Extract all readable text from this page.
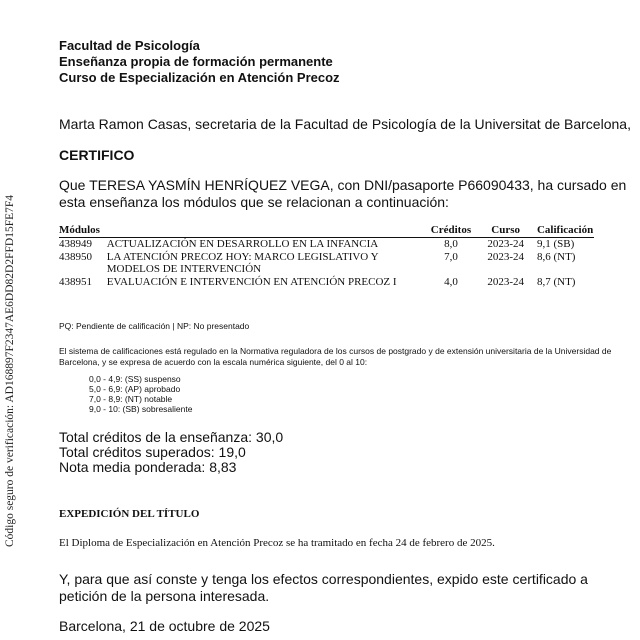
Código seguro de verificación: AD168897F2347AE6DD82D2FFD15FE7F4
Facultad de Psicología
Enseñanza propia de formación permanente
Curso de Especialización en Atención Precoz
Marta Ramon Casas, secretaria de la Facultad de Psicología de la Universitat de Barcelona,
CERTIFICO
Que TERESA YASMÍN HENRÍQUEZ VEGA, con DNI/pasaporte P66090433, ha cursado en esta enseñanza los módulos que se relacionan a continuación:
Módulos		Créditos	Curso	Calificación
438949	ACTUALIZACIÓN EN DESARROLLO EN LA INFANCIA	8,0	2023-24	9,1 (SB)
438950	LA ATENCIÓN PRECOZ HOY: MARCO LEGISLATIVO Y MODELOS DE INTERVENCIÓN	7,0	2023-24	8,6 (NT)
438951	EVALUACIÓN E INTERVENCIÓN EN ATENCIÓN PRECOZ I	4,0	2023-24	8,7 (NT)
PQ: Pendiente de calificación | NP: No presentado
El sistema de calificaciones está regulado en la Normativa reguladora de los cursos de postgrado y de extensión universitaria de la Universidad de Barcelona, y se expresa de acuerdo con la escala numérica siguiente, del 0 al 10:
0,0 - 4,9: (SS) suspenso
5,0 - 6,9: (AP) aprobado
7,0 - 8,9: (NT) notable
9,0 - 10: (SB) sobresaliente
Total créditos de la enseñanza: 30,0
Total créditos superados: 19,0
Nota media ponderada: 8,83
EXPEDICIÓN DEL TÍTULO
El Diploma de Especialización en Atención Precoz se ha tramitado en fecha 24 de febrero de 2025.
Y, para que así conste y tenga los efectos correspondientes, expido este certificado a petición de la persona interesada.
Barcelona, 21 de octubre de 2025
